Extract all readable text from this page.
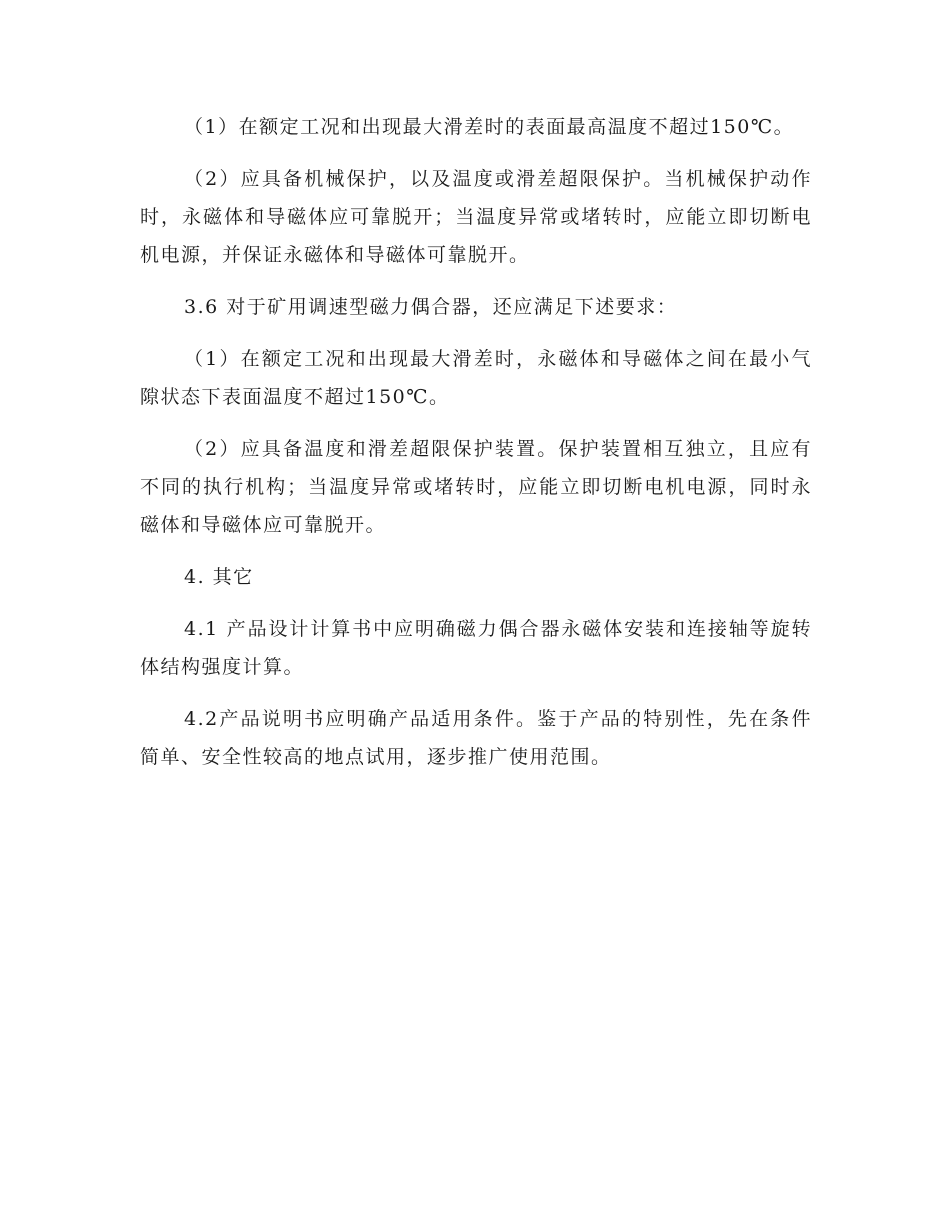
（1）在额定工况和出现最大滑差时的表面最高温度不超过150℃。

（2）应具备机械保护，以及温度或滑差超限保护。当机械保护动作时，永磁体和导磁体应可靠脱开；当温度异常或堵转时，应能立即切断电机电源，并保证永磁体和导磁体可靠脱开。

3.6 对于矿用调速型磁力偶合器，还应满足下述要求：

（1）在额定工况和出现最大滑差时，永磁体和导磁体之间在最小气隙状态下表面温度不超过150℃。

（2）应具备温度和滑差超限保护装置。保护装置相互独立，且应有不同的执行机构；当温度异常或堵转时，应能立即切断电机电源，同时永磁体和导磁体应可靠脱开。

4. 其它

4.1 产品设计计算书中应明确磁力偶合器永磁体安装和连接轴等旋转体结构强度计算。

4.2产品说明书应明确产品适用条件。鉴于产品的特别性，先在条件简单、安全性较高的地点试用，逐步推广使用范围。
